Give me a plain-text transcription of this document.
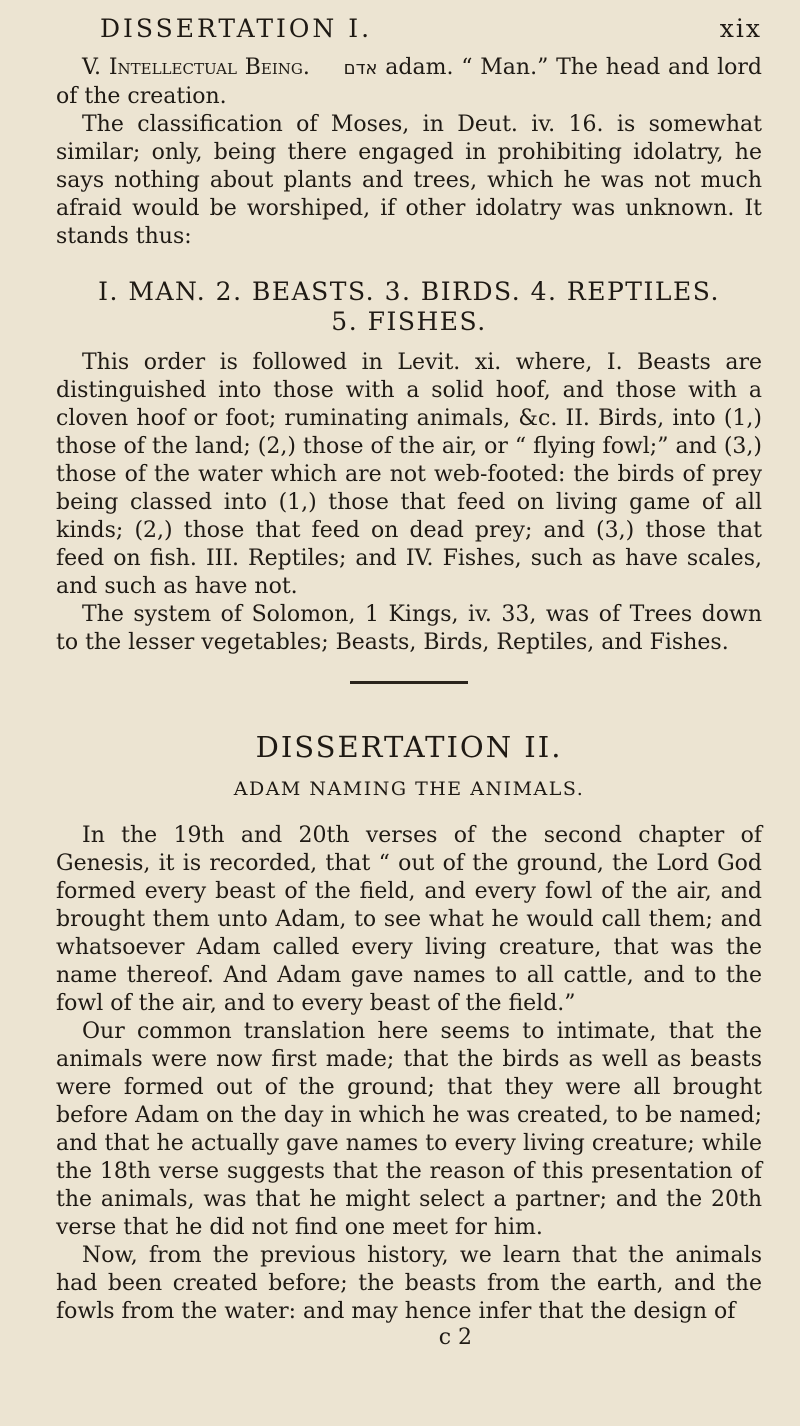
DISSERTATION I.	xix

V. Intellectual Being. אדם adam. “ Man.” The head and lord of the creation.

The classification of Moses, in Deut. iv. 16. is somewhat similar; only, being there engaged in prohibiting idolatry, he says nothing about plants and trees, which he was not much afraid would be worshiped, if other idolatry was unknown. It stands thus:

I. MAN. 2. BEASTS. 3. BIRDS. 4. REPTILES.
5. FISHES.

This order is followed in Levit. xi. where, I. Beasts are distinguished into those with a solid hoof, and those with a cloven hoof or foot; ruminating animals, &c. II. Birds, into (1,) those of the land; (2,) those of the air, or “ flying fowl;” and (3,) those of the water which are not web-footed: the birds of prey being classed into (1,) those that feed on living game of all kinds; (2,) those that feed on dead prey; and (3,) those that feed on fish. III. Reptiles; and IV. Fishes, such as have scales, and such as have not.

The system of Solomon, 1 Kings, iv. 33, was of Trees down to the lesser vegetables; Beasts, Birds, Reptiles, and Fishes.

DISSERTATION II.
ADAM NAMING THE ANIMALS.

In the 19th and 20th verses of the second chapter of Genesis, it is recorded, that “ out of the ground, the Lord God formed every beast of the field, and every fowl of the air, and brought them unto Adam, to see what he would call them; and whatsoever Adam called every living creature, that was the name thereof. And Adam gave names to all cattle, and to the fowl of the air, and to every beast of the field.”

Our common translation here seems to intimate, that the animals were now first made; that the birds as well as beasts were formed out of the ground; that they were all brought before Adam on the day in which he was created, to be named; and that he actually gave names to every living creature; while the 18th verse suggests that the reason of this presentation of the animals, was that he might select a partner; and the 20th verse that he did not find one meet for him.

Now, from the previous history, we learn that the animals had been created before; the beasts from the earth, and the fowls from the water: and may hence infer that the design of

c 2
